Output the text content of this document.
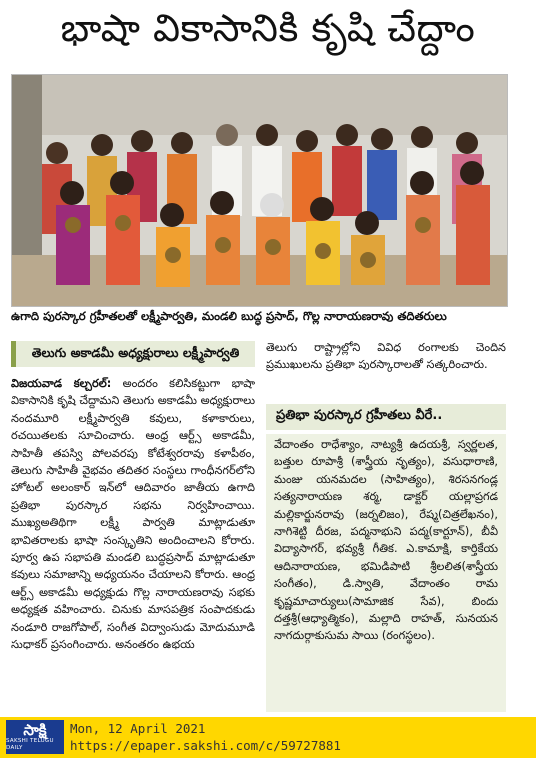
భాషా వికాసానికి కృషి చేద్దాం
ఉగాది పురస్కార గ్రహీతలతో లక్ష్మీపార్వతి, మండలి బుద్ధ ప్రసాద్, గొల్ల నారాయణరావు తదితరులు
తెలుగు అకాడమీ అధ్యక్షురాలు లక్ష్మీపార్వతి

విజయవాడ కల్చరల్: అందరం కలిసికట్టుగా భాషా వికాసానికి కృషి చేద్దామని తెలుగు అకాడమీ అధ్యక్షురాలు నందమూరి లక్ష్మీపార్వతి కవులు, కళాకారులు, రచయితలకు సూచించారు. ఆంధ్ర ఆర్ట్స్ అకాడమీ, సాహితీ తపస్వి పోలవరపు కోటేశ్వరరావు కళాపీఠం, తెలుగు సాహితీ వైభవం తదితర సంస్థలు గాంధీనగర్‌లోని హోటల్ అలంకార్ ఇన్‌లో ఆదివారం జాతీయ ఉగాది ప్రతిభా పురస్కార సభను నిర్వహించాయి. ముఖ్యఅతిథిగా లక్ష్మీ పార్వతి మాట్లాడుతూ భావితరాలకు భాషా సంస్కృతిని అందించాలని కోరారు. పూర్వ ఉప సభాపతి మండలి బుద్ధప్రసాద్ మాట్లాడుతూ కవులు సమాజాన్ని అధ్యయనం చేయాలని కోరారు. ఆంధ్ర ఆర్ట్స్ అకాడమీ అధ్యక్షుడు గొల్ల నారాయణరావు సభకు అధ్యక్షత వహించారు. చినుకు మాసపత్రిక సంపాదకుడు నండూరి రాజగోపాల్, సంగీత విద్వాంసుడు మోదుమూడి సుధాకర్ ప్రసంగించారు. అనంతరం ఉభయ

తెలుగు రాష్ట్రాల్లోని వివిధ రంగాలకు చెందిన ప్రముఖులను ప్రతిభా పురస్కారాలతో సత్కరించారు.

ప్రతిభా పురస్కార గ్రహీతలు వీరే..

వేదాంతం రాధేశ్యాం, నాట్యశ్రీ ఉదయశ్రీ, స్వర్ణలత, బత్తుల రూపాశ్రీ (శాస్త్రీయ నృత్యం), వసుధారాణి, మంజు యనమదల (సాహిత్యం), శిరసనగండ్ల సత్యనారాయణ శర్మ, డాక్టర్ యల్లాప్రగడ మల్లికార్జునరావు (జర్నలిజం), రేష్మ(చిత్రలేఖనం), నాగిశెట్టి దీరజ, పద్మనాభుని పద్మ(కార్టూన్), బీవీ విద్యాసాగర్, భవ్యశ్రీ గీతిక. ఎ.కామాక్షి, కార్తికేయ ఆదినారాయణ, భమిడిపాటి శ్రీలలిత(శాస్త్రీయ సంగీతం), డి.స్వాతి, వేదాంతం రామ కృష్ణమాచార్యులు(సామాజిక సేవ), బిందు దత్తశ్రీ(ఆధ్యాత్మికం), మల్లాది రాహత్, సునయన నాగదుర్గాకుసుమ సాయి (రంగస్థలం).

సాక్షి
SAKSHI TELUGU DAILY
Mon, 12 April 2021
https://epaper.sakshi.com/c/59727881
